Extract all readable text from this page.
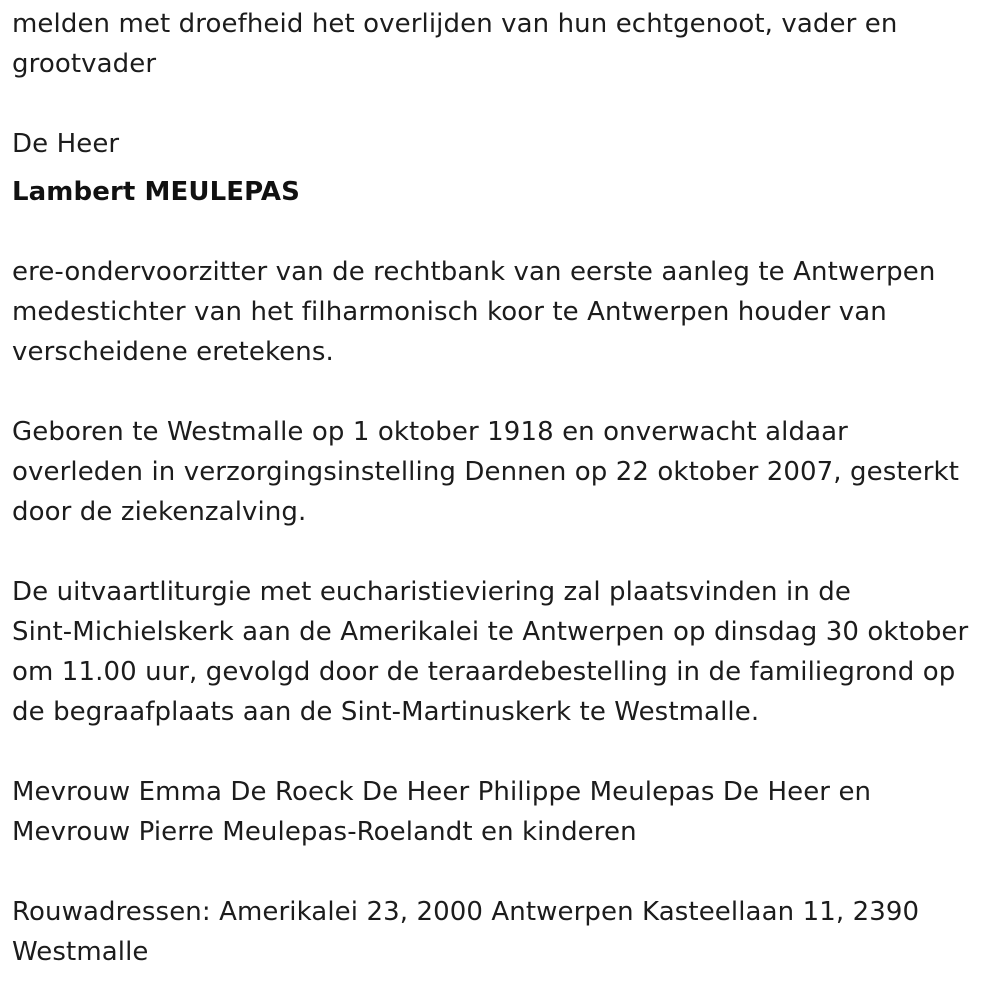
melden met droefheid het overlijden van hun echtgenoot, vader en

grootvader

De Heer

Lambert MEULEPAS

ere-ondervoorzitter van de rechtbank van eerste aanleg te Antwerpen

medestichter van het filharmonisch koor te Antwerpen houder van

verscheidene eretekens.

Geboren te Westmalle op 1 oktober 1918 en onverwacht aldaar

overleden in verzorgingsinstelling Dennen op 22 oktober 2007, gesterkt

door de ziekenzalving.

De uitvaartliturgie met eucharistieviering zal plaatsvinden in de

Sint-Michielskerk aan de Amerikalei te Antwerpen op dinsdag 30 oktober

om 11.00 uur, gevolgd door de teraardebestelling in de familiegrond op

de begraafplaats aan de Sint-Martinuskerk te Westmalle.

Mevrouw Emma De Roeck De Heer Philippe Meulepas De Heer en

Mevrouw Pierre Meulepas-Roelandt en kinderen

Rouwadressen: Amerikalei 23, 2000 Antwerpen Kasteellaan 11, 2390

Westmalle
